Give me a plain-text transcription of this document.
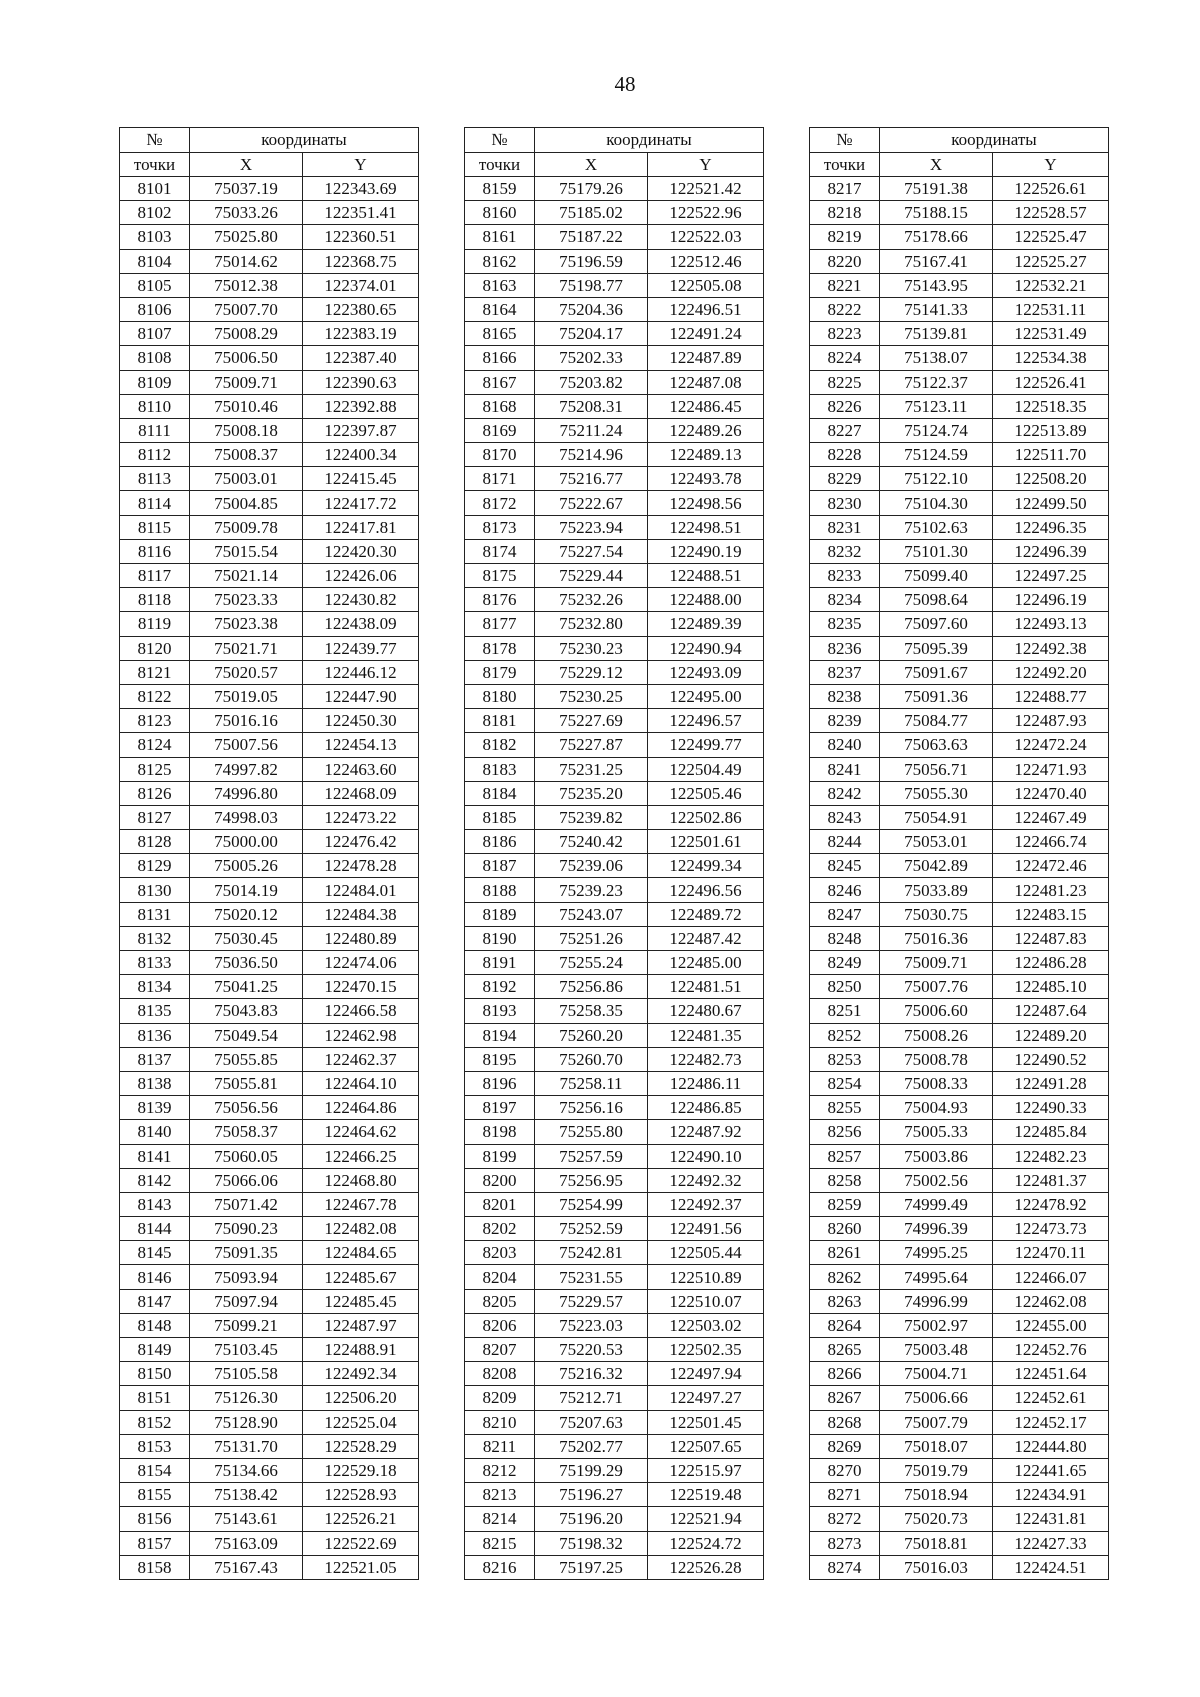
48
№	координаты	
точки	X	Y
8101	75037.19	122343.69
8102	75033.26	122351.41
8103	75025.80	122360.51
8104	75014.62	122368.75
8105	75012.38	122374.01
8106	75007.70	122380.65
8107	75008.29	122383.19
8108	75006.50	122387.40
8109	75009.71	122390.63
8110	75010.46	122392.88
8111	75008.18	122397.87
8112	75008.37	122400.34
8113	75003.01	122415.45
8114	75004.85	122417.72
8115	75009.78	122417.81
8116	75015.54	122420.30
8117	75021.14	122426.06
8118	75023.33	122430.82
8119	75023.38	122438.09
8120	75021.71	122439.77
8121	75020.57	122446.12
8122	75019.05	122447.90
8123	75016.16	122450.30
8124	75007.56	122454.13
8125	74997.82	122463.60
8126	74996.80	122468.09
8127	74998.03	122473.22
8128	75000.00	122476.42
8129	75005.26	122478.28
8130	75014.19	122484.01
8131	75020.12	122484.38
8132	75030.45	122480.89
8133	75036.50	122474.06
8134	75041.25	122470.15
8135	75043.83	122466.58
8136	75049.54	122462.98
8137	75055.85	122462.37
8138	75055.81	122464.10
8139	75056.56	122464.86
8140	75058.37	122464.62
8141	75060.05	122466.25
8142	75066.06	122468.80
8143	75071.42	122467.78
8144	75090.23	122482.08
8145	75091.35	122484.65
8146	75093.94	122485.67
8147	75097.94	122485.45
8148	75099.21	122487.97
8149	75103.45	122488.91
8150	75105.58	122492.34
8151	75126.30	122506.20
8152	75128.90	122525.04
8153	75131.70	122528.29
8154	75134.66	122529.18
8155	75138.42	122528.93
8156	75143.61	122526.21
8157	75163.09	122522.69
8158	75167.43	122521.05
№	координаты	
точки	X	Y
8159	75179.26	122521.42
8160	75185.02	122522.96
8161	75187.22	122522.03
8162	75196.59	122512.46
8163	75198.77	122505.08
8164	75204.36	122496.51
8165	75204.17	122491.24
8166	75202.33	122487.89
8167	75203.82	122487.08
8168	75208.31	122486.45
8169	75211.24	122489.26
8170	75214.96	122489.13
8171	75216.77	122493.78
8172	75222.67	122498.56
8173	75223.94	122498.51
8174	75227.54	122490.19
8175	75229.44	122488.51
8176	75232.26	122488.00
8177	75232.80	122489.39
8178	75230.23	122490.94
8179	75229.12	122493.09
8180	75230.25	122495.00
8181	75227.69	122496.57
8182	75227.87	122499.77
8183	75231.25	122504.49
8184	75235.20	122505.46
8185	75239.82	122502.86
8186	75240.42	122501.61
8187	75239.06	122499.34
8188	75239.23	122496.56
8189	75243.07	122489.72
8190	75251.26	122487.42
8191	75255.24	122485.00
8192	75256.86	122481.51
8193	75258.35	122480.67
8194	75260.20	122481.35
8195	75260.70	122482.73
8196	75258.11	122486.11
8197	75256.16	122486.85
8198	75255.80	122487.92
8199	75257.59	122490.10
8200	75256.95	122492.32
8201	75254.99	122492.37
8202	75252.59	122491.56
8203	75242.81	122505.44
8204	75231.55	122510.89
8205	75229.57	122510.07
8206	75223.03	122503.02
8207	75220.53	122502.35
8208	75216.32	122497.94
8209	75212.71	122497.27
8210	75207.63	122501.45
8211	75202.77	122507.65
8212	75199.29	122515.97
8213	75196.27	122519.48
8214	75196.20	122521.94
8215	75198.32	122524.72
8216	75197.25	122526.28
№	координаты	
точки	X	Y
8217	75191.38	122526.61
8218	75188.15	122528.57
8219	75178.66	122525.47
8220	75167.41	122525.27
8221	75143.95	122532.21
8222	75141.33	122531.11
8223	75139.81	122531.49
8224	75138.07	122534.38
8225	75122.37	122526.41
8226	75123.11	122518.35
8227	75124.74	122513.89
8228	75124.59	122511.70
8229	75122.10	122508.20
8230	75104.30	122499.50
8231	75102.63	122496.35
8232	75101.30	122496.39
8233	75099.40	122497.25
8234	75098.64	122496.19
8235	75097.60	122493.13
8236	75095.39	122492.38
8237	75091.67	122492.20
8238	75091.36	122488.77
8239	75084.77	122487.93
8240	75063.63	122472.24
8241	75056.71	122471.93
8242	75055.30	122470.40
8243	75054.91	122467.49
8244	75053.01	122466.74
8245	75042.89	122472.46
8246	75033.89	122481.23
8247	75030.75	122483.15
8248	75016.36	122487.83
8249	75009.71	122486.28
8250	75007.76	122485.10
8251	75006.60	122487.64
8252	75008.26	122489.20
8253	75008.78	122490.52
8254	75008.33	122491.28
8255	75004.93	122490.33
8256	75005.33	122485.84
8257	75003.86	122482.23
8258	75002.56	122481.37
8259	74999.49	122478.92
8260	74996.39	122473.73
8261	74995.25	122470.11
8262	74995.64	122466.07
8263	74996.99	122462.08
8264	75002.97	122455.00
8265	75003.48	122452.76
8266	75004.71	122451.64
8267	75006.66	122452.61
8268	75007.79	122452.17
8269	75018.07	122444.80
8270	75019.79	122441.65
8271	75018.94	122434.91
8272	75020.73	122431.81
8273	75018.81	122427.33
8274	75016.03	122424.51
